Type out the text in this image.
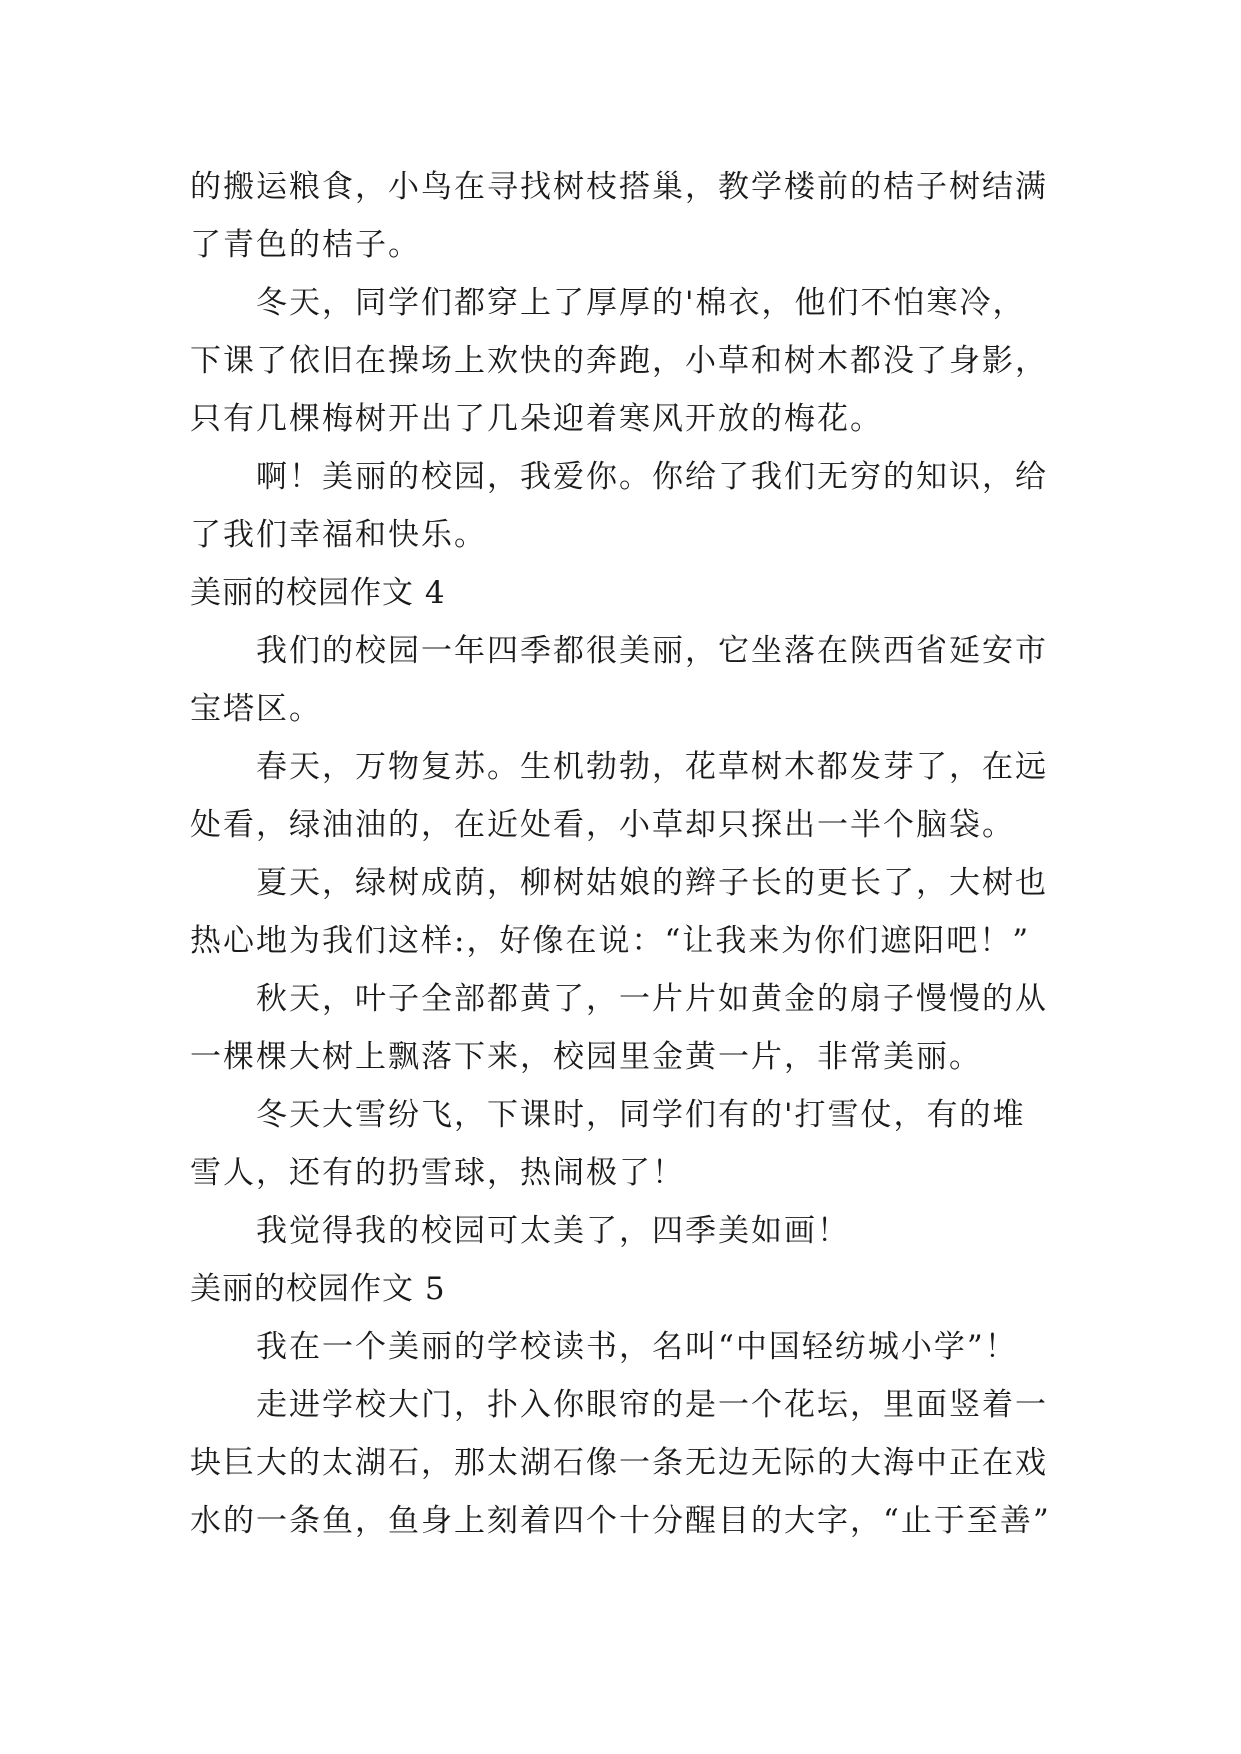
的搬运粮食，小鸟在寻找树枝搭巢，教学楼前的桔子树结满
了青色的桔子。
冬天，同学们都穿上了厚厚的'棉衣，他们不怕寒冷，
下课了依旧在操场上欢快的奔跑，小草和树木都没了身影，
只有几棵梅树开出了几朵迎着寒风开放的梅花。
啊！美丽的校园，我爱你。你给了我们无穷的知识，给
了我们幸福和快乐。
美丽的校园作文 4
我们的校园一年四季都很美丽，它坐落在陕西省延安市
宝塔区。
春天，万物复苏。生机勃勃，花草树木都发芽了，在远
处看，绿油油的，在近处看，小草却只探出一半个脑袋。
夏天，绿树成荫，柳树姑娘的辫子长的更长了，大树也
热心地为我们这样:，好像在说：“让我来为你们遮阳吧！”
秋天，叶子全部都黄了，一片片如黄金的扇子慢慢的从
一棵棵大树上飘落下来，校园里金黄一片，非常美丽。
冬天大雪纷飞，下课时，同学们有的'打雪仗，有的堆
雪人，还有的扔雪球，热闹极了！
我觉得我的校园可太美了，四季美如画！
美丽的校园作文 5
我在一个美丽的学校读书，名叫“中国轻纺城小学”！
走进学校大门，扑入你眼帘的是一个花坛，里面竖着一
块巨大的太湖石，那太湖石像一条无边无际的大海中正在戏
水的一条鱼，鱼身上刻着四个十分醒目的大字，“止于至善”
